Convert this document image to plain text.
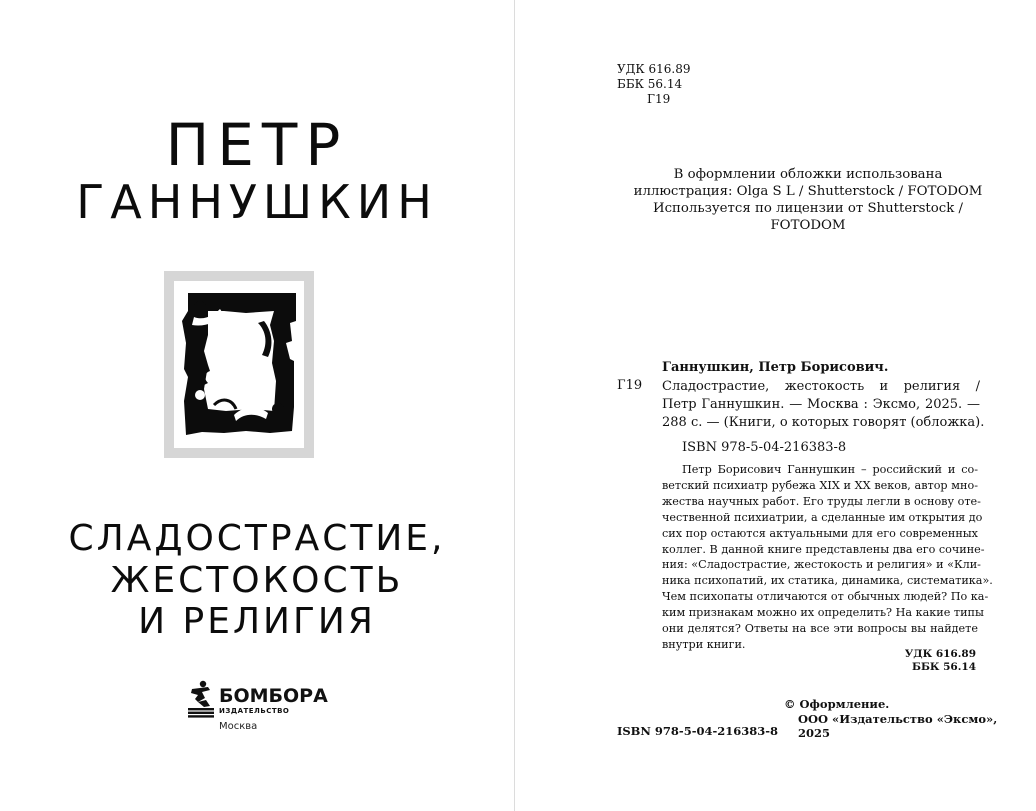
ПЕТР
ГАННУШКИН
СЛАДОСТРАСТИЕ,
ЖЕСТОКОСТЬ
И РЕЛИГИЯ
БОМБОРА
ИЗДАТЕЛЬСТВО
Москва
УДК 616.89
ББК 56.14
Г19
В оформлении обложки использована
иллюстрация: Olga S L / Shutterstock / FOTODOM
Используется по лицензии от Shutterstock /
FOTODOM
Ганнушкин, Петр Борисович.
Г19 Сладострастие, жестокость и религия /
Петр Ганнушкин. — Москва : Эксмо, 2025. —
288 с. — (Книги, о которых говорят (обложка).
ISBN 978-5-04-216383-8
Петр Борисович Ганнушкин – российский и со-
ветский психиатр рубежа XIX и XX веков, автор мно-
жества научных работ. Его труды легли в основу оте-
чественной психиатрии, а сделанные им открытия до
сих пор остаются актуальными для его современных
коллег. В данной книге представлены два его сочине-
ния: «Сладострастие, жестокость и религия» и «Кли-
ника психопатий, их статика, динамика, систематика».
Чем психопаты отличаются от обычных людей? По ка-
ким признакам можно их определить? На какие типы
они делятся? Ответы на все эти вопросы вы найдете
внутри книги.
УДК 616.89
ББК 56.14
ISBN 978-5-04-216383-8
© Оформление.
ООО «Издательство «Эксмо»,
2025
